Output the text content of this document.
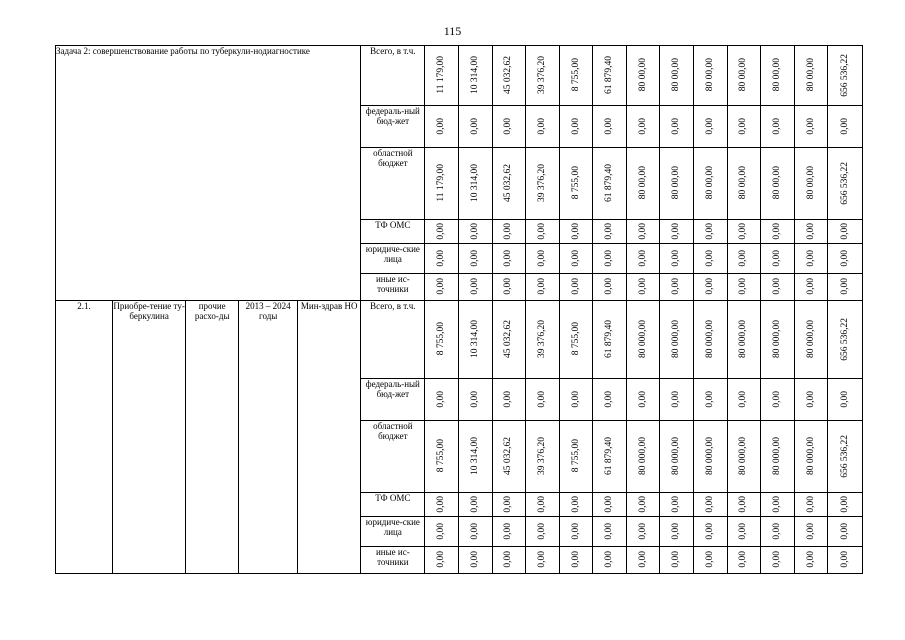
115
Задача 2: совершенствование работы по туберкули-нодиагностике					Всего, в т.ч.	11 179,00	10 314,00	45 032,62	39 376,20	8 755,00	61 879,40	80 00,00	80 00,00	80 00,00	80 00,00	80 00,00	80 00,00	656 536,22

					федераль-ный бюд-жет	0,00	0,00	0,00	0,00	0,00	0,00	0,00	0,00	0,00	0,00	0,00	0,00	0,00

					областной бюджет	11 179,00	10 314,00	45 032,62	39 376,20	8 755,00	61 879,40	80 00,00	80 00,00	80 00,00	80 00,00	80 00,00	80 00,00	656 536,22

					ТФ ОМС	0,00	0,00	0,00	0,00	0,00	0,00	0,00	0,00	0,00	0,00	0,00	0,00	0,00

					юридиче-ские лица	0,00	0,00	0,00	0,00	0,00	0,00	0,00	0,00	0,00	0,00	0,00	0,00	0,00

					иные ис-точники	0,00	0,00	0,00	0,00	0,00	0,00	0,00	0,00	0,00	0,00	0,00	0,00	0,00

2.1.	Приобре-тение ту-беркулина	прочие расхо-ды	2013 – 2024 годы	Мин-здрав НО	Всего, в т.ч.	8 755,00	10 314,00	45 032,62	39 376,20	8 755,00	61 879,40	80 000,00	80 000,00	80 000,00	80 000,00	80 000,00	80 000,00	656 536,22

					федераль-ный бюд-жет	0,00	0,00	0,00	0,00	0,00	0,00	0,00	0,00	0,00	0,00	0,00	0,00	0,00

					областной бюджет	8 755,00	10 314,00	45 032,62	39 376,20	8 755,00	61 879,40	80 000,00	80 000,00	80 000,00	80 000,00	80 000,00	80 000,00	656 536,22

					ТФ ОМС	0,00	0,00	0,00	0,00	0,00	0,00	0,00	0,00	0,00	0,00	0,00	0,00	0,00

					юридиче-ские лица	0,00	0,00	0,00	0,00	0,00	0,00	0,00	0,00	0,00	0,00	0,00	0,00	0,00

					иные ис-точники	0,00	0,00	0,00	0,00	0,00	0,00	0,00	0,00	0,00	0,00	0,00	0,00	0,00
